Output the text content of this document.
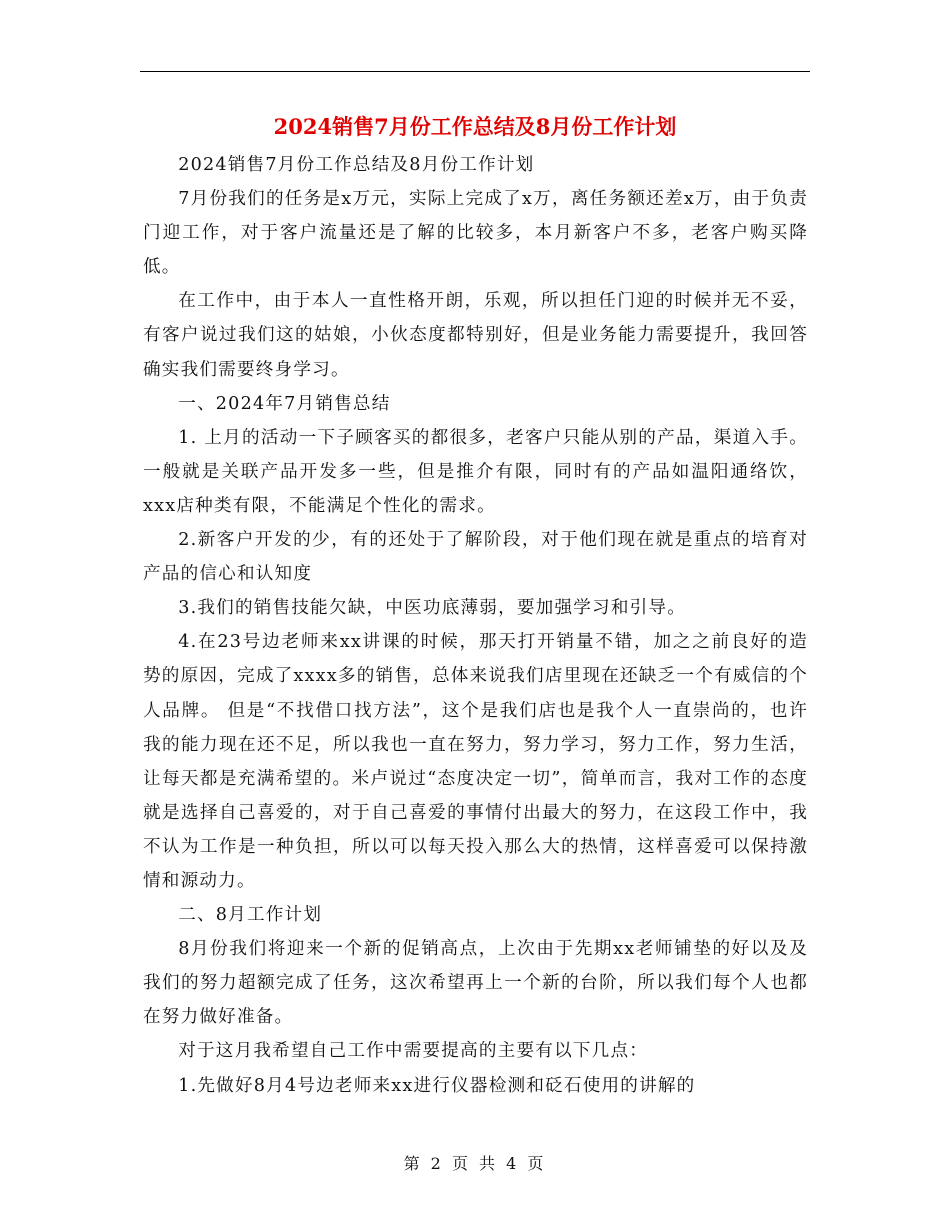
2024销售7月份工作总结及8月份工作计划

2024销售7月份工作总结及8月份工作计划

7月份我们的任务是x万元，实际上完成了x万，离任务额还差x万，由于负责门迎工作，对于客户流量还是了解的比较多，本月新客户不多，老客户购买降低。

在工作中，由于本人一直性格开朗，乐观，所以担任门迎的时候并无不妥，有客户说过我们这的姑娘，小伙态度都特别好，但是业务能力需要提升，我回答确实我们需要终身学习。

一、2024年7月销售总结

1. 上月的活动一下子顾客买的都很多，老客户只能从别的产品，渠道入手。一般就是关联产品开发多一些，但是推介有限，同时有的产品如温阳通络饮，xxx店种类有限，不能满足个性化的需求。

2.新客户开发的少，有的还处于了解阶段，对于他们现在就是重点的培育对产品的信心和认知度

3.我们的销售技能欠缺，中医功底薄弱，要加强学习和引导。

4.在23号边老师来xx讲课的时候，那天打开销量不错，加之之前良好的造势的原因，完成了xxxx多的销售，总体来说我们店里现在还缺乏一个有威信的个人品牌。 但是“不找借口找方法”，这个是我们店也是我个人一直崇尚的，也许我的能力现在还不足，所以我也一直在努力，努力学习，努力工作，努力生活，让每天都是充满希望的。米卢说过“态度决定一切”，简单而言，我对工作的态度就是选择自己喜爱的，对于自己喜爱的事情付出最大的努力，在这段工作中，我不认为工作是一种负担，所以可以每天投入那么大的热情，这样喜爱可以保持激情和源动力。

二、8月工作计划

8月份我们将迎来一个新的促销高点，上次由于先期xx老师铺垫的好以及及我们的努力超额完成了任务，这次希望再上一个新的台阶，所以我们每个人也都在努力做好准备。

对于这月我希望自己工作中需要提高的主要有以下几点：

1.先做好8月4号边老师来xx进行仪器检测和砭石使用的讲解的

第 2 页 共 4 页
